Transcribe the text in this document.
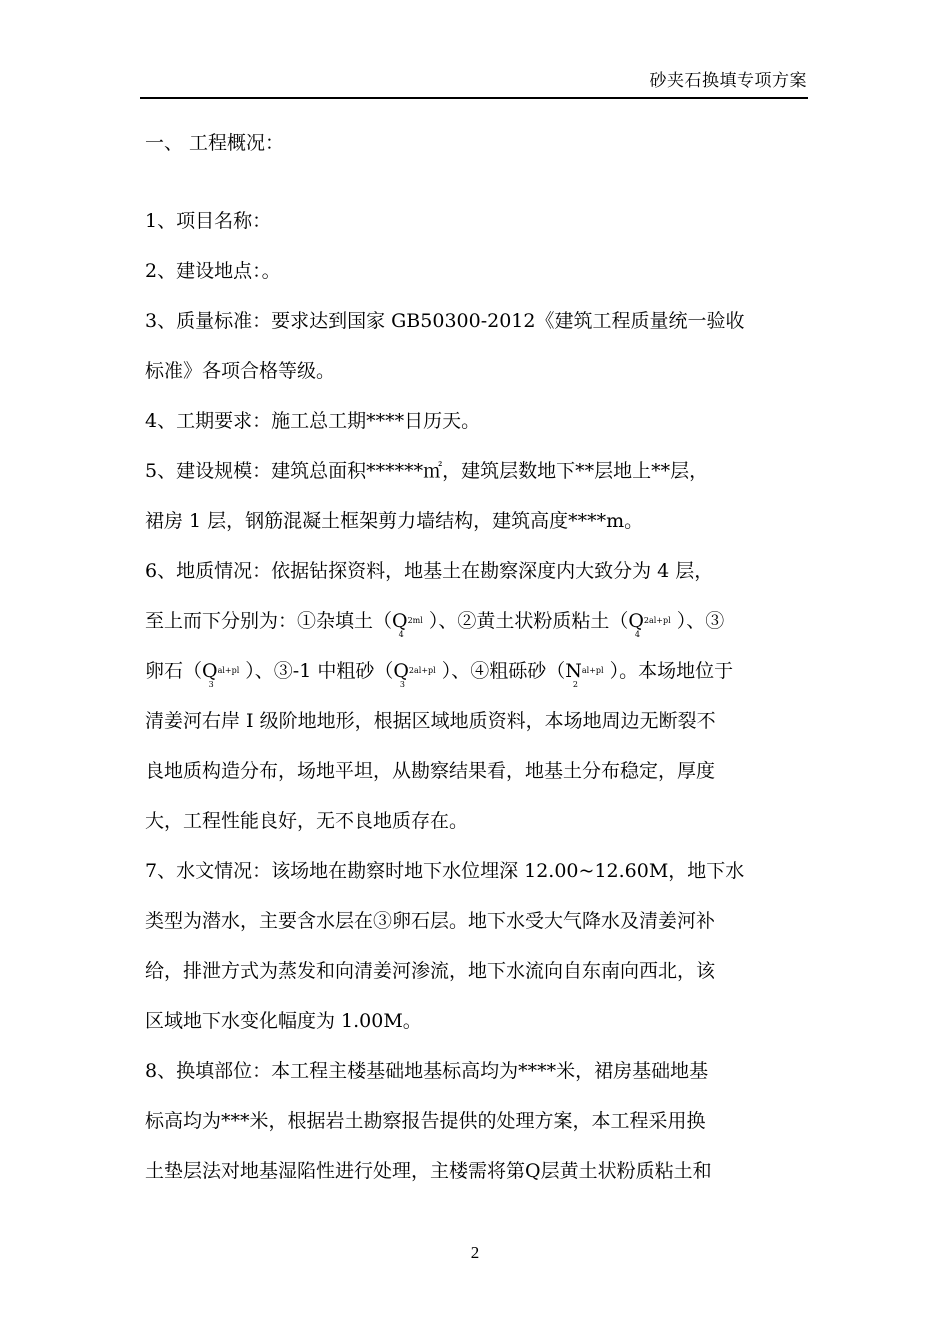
砂夹石换填专项方案
一、 工程概况：
1、项目名称：
2、建设地点：。
3、质量标准：要求达到国家 GB50300-2012《建筑工程质量统一验收
标准》各项合格等级。
4、工期要求：施工总工期****日历天。
5、建设规模：建筑总面积******㎡，建筑层数地下**层地上**层，
裙房 1 层，钢筋混凝土框架剪力墙结构，建筑高度****m。
6、地质情况：依据钻探资料，地基土在勘察深度内大致分为 4 层，
至上而下分别为：①杂填土（Q2ml
4
）、②黄土状粉质粘土（Q2al+pl
4
）、③
卵石（Qal+pl
3
）、③-1 中粗砂（Q2al+pl
3
）、④粗砾砂（Nal+pl
2
）。本场地位于
清姜河右岸 I 级阶地地形，根据区域地质资料，本场地周边无断裂不
良地质构造分布，场地平坦，从勘察结果看，地基土分布稳定，厚度
大，工程性能良好，无不良地质存在。
7、水文情况：该场地在勘察时地下水位埋深 12.00~12.60M，地下水
类型为潜水，主要含水层在③卵石层。地下水受大气降水及清姜河补
给，排泄方式为蒸发和向清姜河渗流，地下水流向自东南向西北，该
区域地下水变化幅度为 1.00M。
8、换填部位：本工程主楼基础地基标高均为****米，裙房基础地基
标高均为***米，根据岩土勘察报告提供的处理方案，本工程采用换
土垫层法对地基湿陷性进行处理，主楼需将第Q层黄土状粉质粘土和
2
